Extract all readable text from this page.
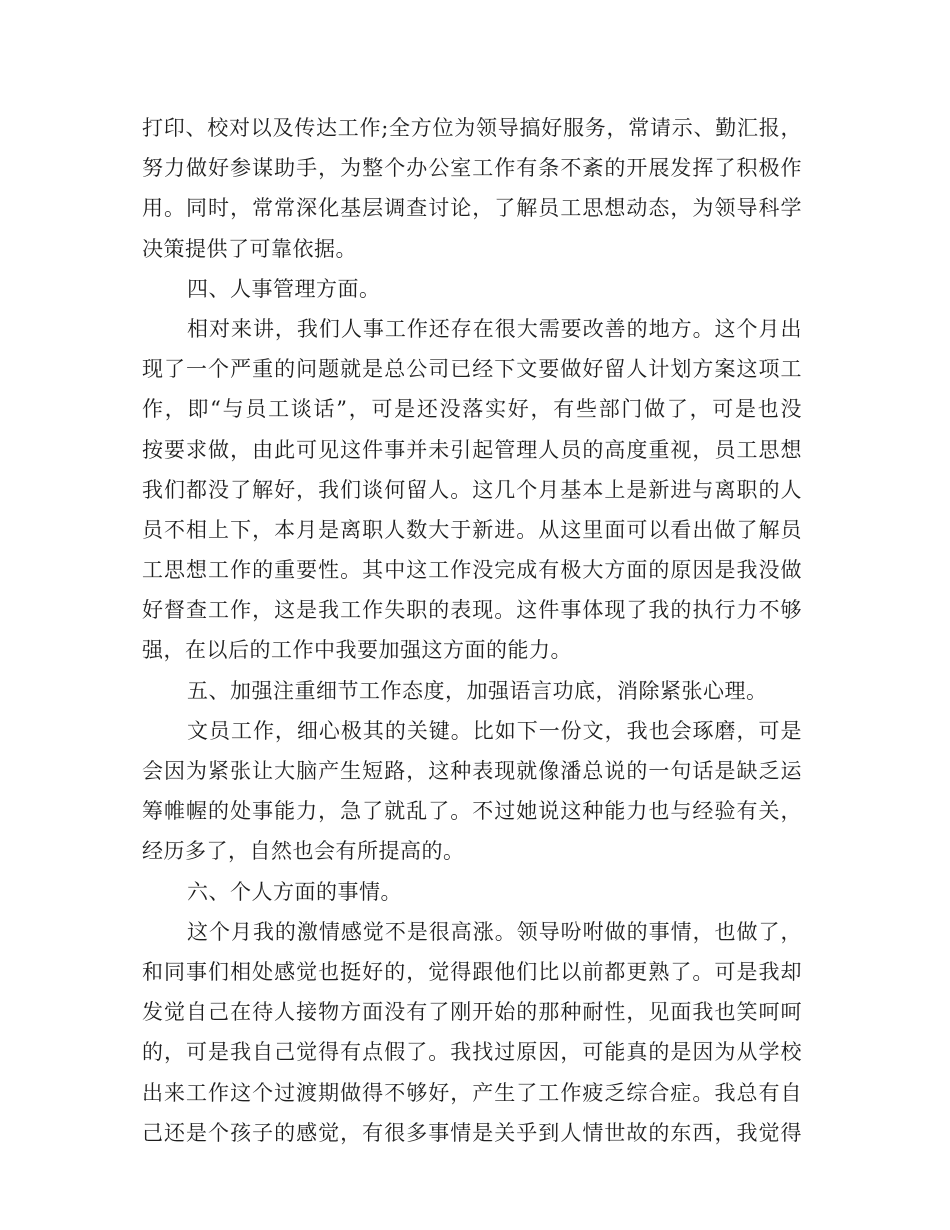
打印、校对以及传达工作;全方位为领导搞好服务，常请示、勤汇报，
努力做好参谋助手，为整个办公室工作有条不紊的开展发挥了积极作
用。同时，常常深化基层调查讨论，了解员工思想动态，为领导科学
决策提供了可靠依据。
四、人事管理方面。
相对来讲，我们人事工作还存在很大需要改善的地方。这个月出
现了一个严重的问题就是总公司已经下文要做好留人计划方案这项工
作，即“与员工谈话”，可是还没落实好，有些部门做了，可是也没
按要求做，由此可见这件事并未引起管理人员的高度重视，员工思想
我们都没了解好，我们谈何留人。这几个月基本上是新进与离职的人
员不相上下，本月是离职人数大于新进。从这里面可以看出做了解员
工思想工作的重要性。其中这工作没完成有极大方面的原因是我没做
好督查工作，这是我工作失职的表现。这件事体现了我的执行力不够
强，在以后的工作中我要加强这方面的能力。
五、加强注重细节工作态度，加强语言功底，消除紧张心理。
文员工作，细心极其的关键。比如下一份文，我也会琢磨，可是
会因为紧张让大脑产生短路，这种表现就像潘总说的一句话是缺乏运
筹帷幄的处事能力，急了就乱了。不过她说这种能力也与经验有关，
经历多了，自然也会有所提高的。
六、个人方面的事情。
这个月我的激情感觉不是很高涨。领导吩咐做的事情，也做了，
和同事们相处感觉也挺好的，觉得跟他们比以前都更熟了。可是我却
发觉自己在待人接物方面没有了刚开始的那种耐性，见面我也笑呵呵
的，可是我自己觉得有点假了。我找过原因，可能真的是因为从学校
出来工作这个过渡期做得不够好，产生了工作疲乏综合症。我总有自
己还是个孩子的感觉，有很多事情是关乎到人情世故的东西，我觉得
